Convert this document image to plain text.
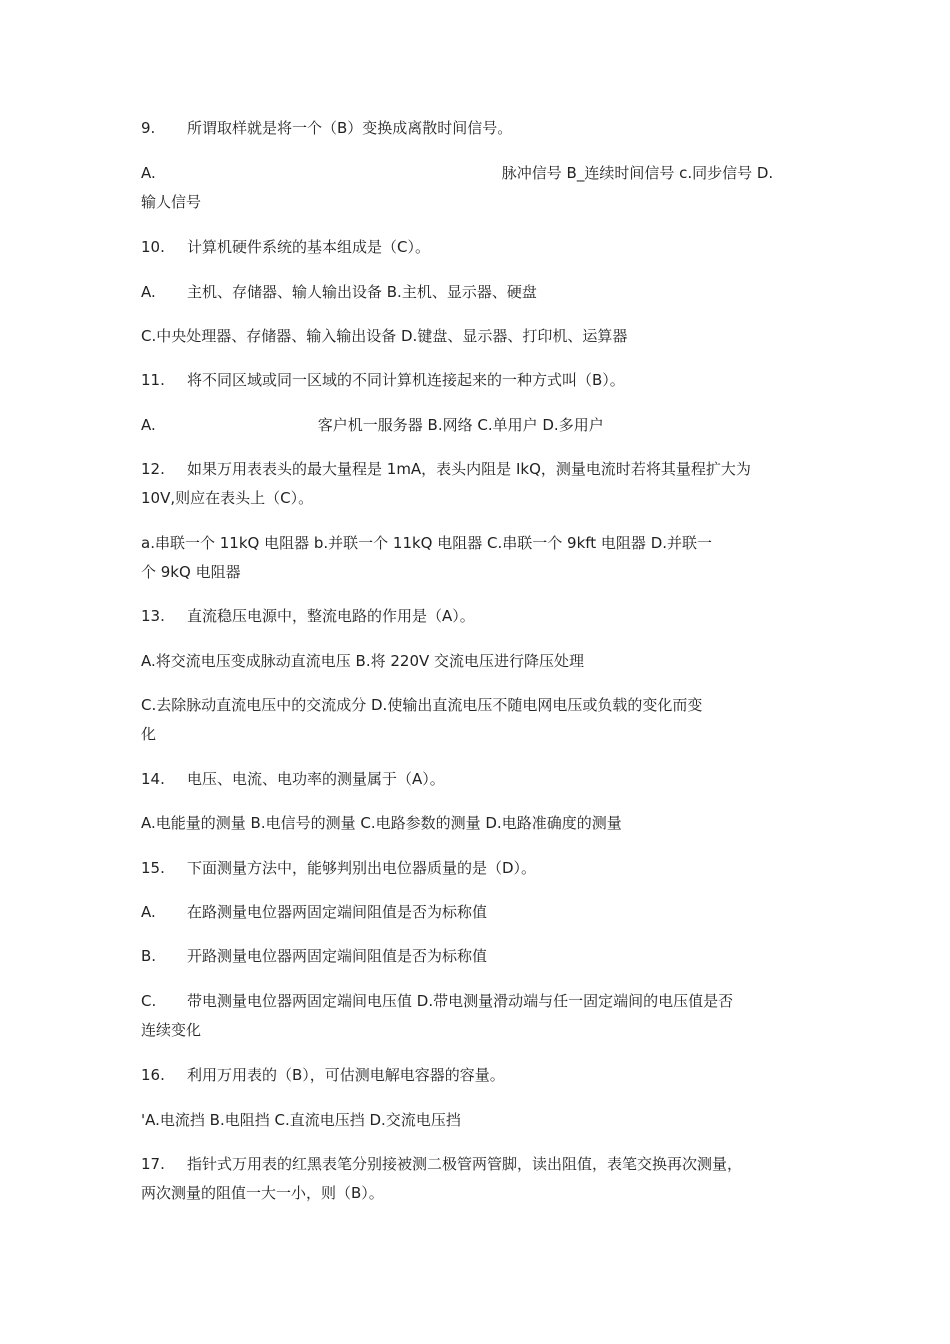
9. 所谓取样就是将一个（B）变换成离散时间信号。
A.	脉冲信号 B_连续时间信号 c.同步信号 D.
输人信号
10. 计算机硬件系统的基本组成是（C）。
A. 主机、存储器、输人输出设备 B.主机、显示器、硬盘
C.中央处理器、存储器、输入输出设备 D.键盘、显示器、打印机、运算器
11. 将不同区域或同一区域的不同计算机连接起来的一种方式叫（B）。
A.	客户机一服务器 B.网络 C.单用户 D.多用户
12. 如果万用表表头的最大量程是 1mA，表头内阻是 IkQ，测量电流时若将其量程扩大为
10V,则应在表头上（C）。
a.串联一个 11kQ 电阻器 b.并联一个 11kQ 电阻器 C.串联一个 9kft 电阻器 D.并联一
个 9kQ 电阻器
13. 直流稳压电源中，整流电路的作用是（A）。
A.将交流电压变成脉动直流电压 B.将 220V 交流电压进行降压处理
C.去除脉动直流电压中的交流成分 D.使输出直流电压不随电网电压或负载的变化而变
化
14. 电压、电流、电功率的测量属于（A）。
A.电能量的测量 B.电信号的测量 C.电路参数的测量 D.电路准确度的测量
15. 下面测量方法中，能够判别出电位器质量的是（D）。
A. 在路测量电位器两固定端间阻值是否为标称值
B. 开路测量电位器两固定端间阻值是否为标称值
C. 带电测量电位器两固定端间电压值 D.带电测量滑动端与任一固定端间的电压值是否
连续变化
16. 利用万用表的（B），可估测电解电容器的容量。
'A.电流挡 B.电阻挡 C.直流电压挡 D.交流电压挡
17. 指针式万用表的红黑表笔分别接被测二极管两管脚，读出阻值，表笔交换再次测量，
两次测量的阻值一大一小，则（B）。
